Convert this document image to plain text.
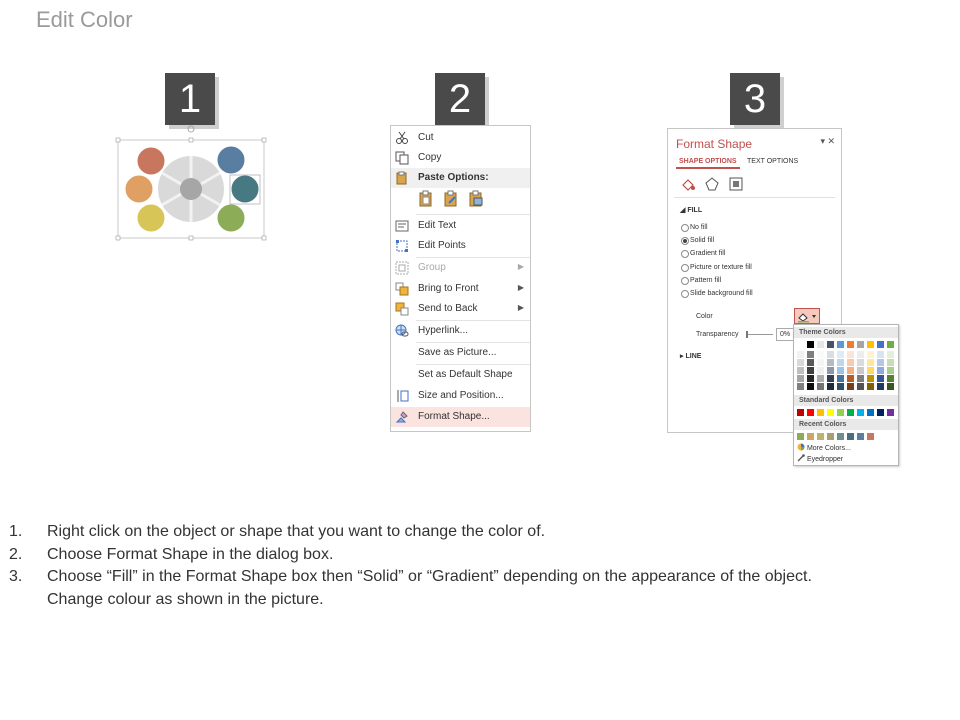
Edit Color
1	2	3
Cut
Copy
Paste Options:
Edit Text
Edit Points
Group	▶
Bring to Front	▶
Send to Back	▶
Hyperlink...
Save as Picture...
Set as Default Shape
Size and Position...
Format Shape...
Format Shape	▾ ✕
SHAPE OPTIONS TEXT OPTIONS
◢ FILL
No fill
Solid fill
Gradient fill
Picture or texture fill
Pattern fill
Slide background fill
Color
Transparency	0%
▸ LINE
Theme Colors
Standard Colors
Recent Colors
More Colors...
Eyedropper
1. Right click on the object or shape that you want to change the color of.
2. Choose Format Shape in the dialog box.
3. Choose “Fill” in the Format Shape box then “Solid” or “Gradient” depending on the appearance of the object.
Change colour as shown in the picture.
